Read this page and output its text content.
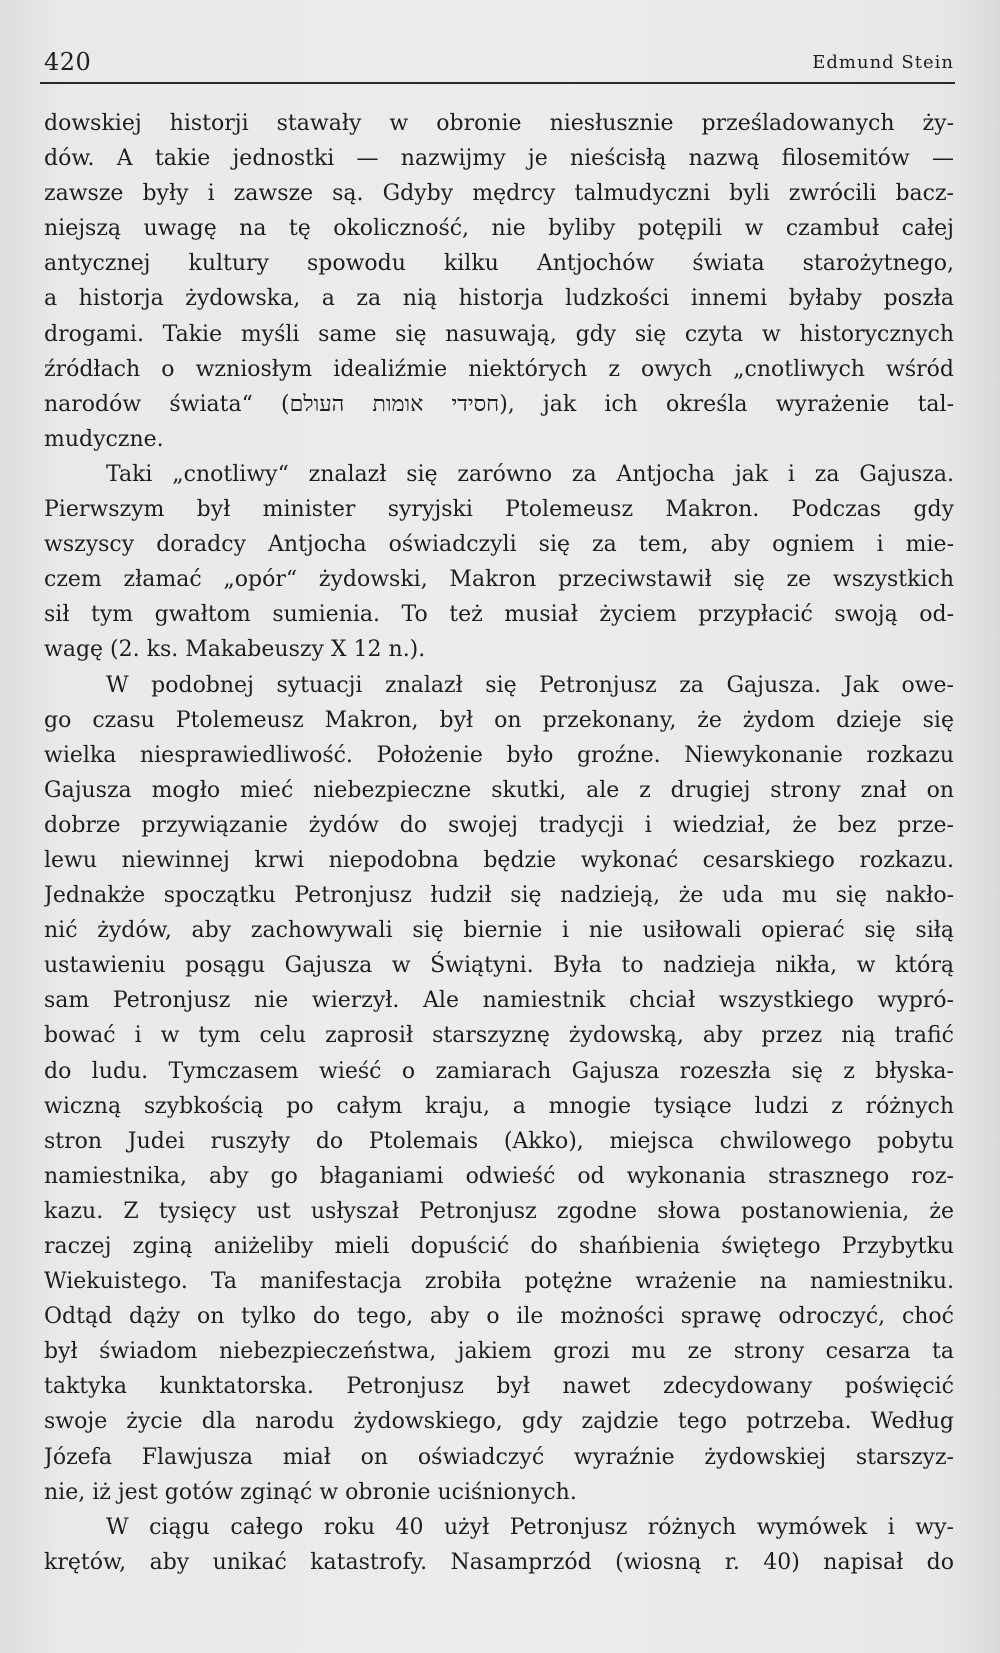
420	Edmund Stein
dowskiej historji stawały w obronie niesłusznie prześladowanych ży-
dów. A takie jednostki — nazwijmy je nieścisłą nazwą filosemitów —
zawsze były i zawsze są. Gdyby mędrcy talmudyczni byli zwrócili bacz-
niejszą uwagę na tę okoliczność, nie byliby potępili w czambuł całej
antycznej kultury spowodu kilku Antjochów świata starożytnego,
a historja żydowska, a za nią historja ludzkości innemi byłaby poszła
drogami. Takie myśli same się nasuwają, gdy się czyta w historycznych
źródłach o wzniosłym idealiźmie niektórych z owych „cnotliwych wśród
narodów świata“ (חסידי אומות העולם), jak ich określa wyrażenie tal-
mudyczne.
Taki „cnotliwy“ znalazł się zarówno za Antjocha jak i za Gajusza.
Pierwszym był minister syryjski Ptolemeusz Makron. Podczas gdy
wszyscy doradcy Antjocha oświadczyli się za tem, aby ogniem i mie-
czem złamać „opór“ żydowski, Makron przeciwstawił się ze wszystkich
sił tym gwałtom sumienia. To też musiał życiem przypłacić swoją od-
wagę (2. ks. Makabeuszy X 12 n.).
W podobnej sytuacji znalazł się Petronjusz za Gajusza. Jak owe-
go czasu Ptolemeusz Makron, był on przekonany, że żydom dzieje się
wielka niesprawiedliwość. Położenie było groźne. Niewykonanie rozkazu
Gajusza mogło mieć niebezpieczne skutki, ale z drugiej strony znał on
dobrze przywiązanie żydów do swojej tradycji i wiedział, że bez prze-
lewu niewinnej krwi niepodobna będzie wykonać cesarskiego rozkazu.
Jednakże spoczątku Petronjusz łudził się nadzieją, że uda mu się nakło-
nić żydów, aby zachowywali się biernie i nie usiłowali opierać się siłą
ustawieniu posągu Gajusza w Świątyni. Była to nadzieja nikła, w którą
sam Petronjusz nie wierzył. Ale namiestnik chciał wszystkiego wypró-
bować i w tym celu zaprosił starszyznę żydowską, aby przez nią trafić
do ludu. Tymczasem wieść o zamiarach Gajusza rozeszła się z błyska-
wiczną szybkością po całym kraju, a mnogie tysiące ludzi z różnych
stron Judei ruszyły do Ptolemais (Akko), miejsca chwilowego pobytu
namiestnika, aby go błaganiami odwieść od wykonania strasznego roz-
kazu. Z tysięcy ust usłyszał Petronjusz zgodne słowa postanowienia, że
raczej zginą aniżeliby mieli dopuścić do shańbienia świętego Przybytku
Wiekuistego. Ta manifestacja zrobiła potężne wrażenie na namiestniku.
Odtąd dąży on tylko do tego, aby o ile możności sprawę odroczyć, choć
był świadom niebezpieczeństwa, jakiem grozi mu ze strony cesarza ta
taktyka kunktatorska. Petronjusz był nawet zdecydowany poświęcić
swoje życie dla narodu żydowskiego, gdy zajdzie tego potrzeba. Według
Józefa Flawjusza miał on oświadczyć wyraźnie żydowskiej starszyz-
nie, iż jest gotów zginąć w obronie uciśnionych.
W ciągu całego roku 40 użył Petronjusz różnych wymówek i wy-
krętów, aby unikać katastrofy. Nasamprzód (wiosną r. 40) napisał do
